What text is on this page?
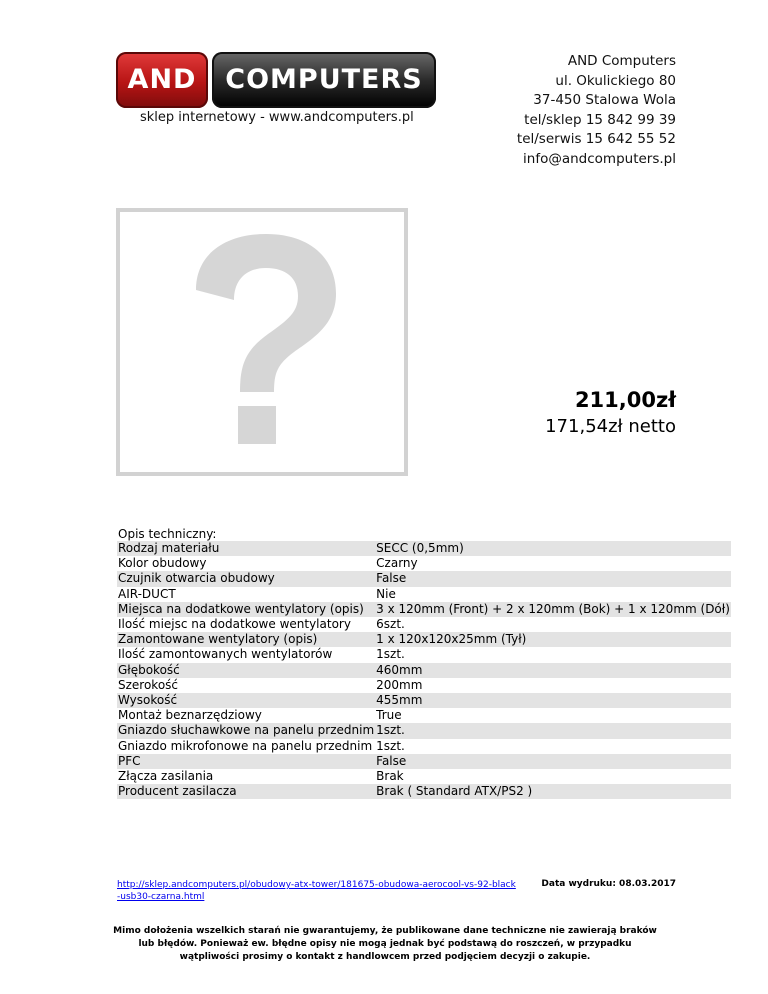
AND	COMPUTERS
sklep internetowy - www.andcomputers.pl
AND Computers
ul. Okulickiego 80
37-450 Stalowa Wola
tel/sklep 15 842 99 39
tel/serwis 15 642 55 52
info@andcomputers.pl
211,00zł
171,54zł netto
Opis techniczny:
Rodzaj materiału	SECC (0,5mm)
Kolor obudowy	Czarny
Czujnik otwarcia obudowy	False
AIR-DUCT	Nie
Miejsca na dodatkowe wentylatory (opis)	3 x 120mm (Front) + 2 x 120mm (Bok) + 1 x 120mm (Dół)
Ilość miejsc na dodatkowe wentylatory	6szt.
Zamontowane wentylatory (opis)	1 x 120x120x25mm (Tył)
Ilość zamontowanych wentylatorów	1szt.
Głębokość	460mm
Szerokość	200mm
Wysokość	455mm
Montaż beznarzędziowy	True
Gniazdo słuchawkowe na panelu przednim	1szt.
Gniazdo mikrofonowe na panelu przednim	1szt.
PFC	False
Złącza zasilania	Brak
Producent zasilacza	Brak ( Standard ATX/PS2 )
http://sklep.andcomputers.pl/obudowy-atx-tower/181675-obudowa-aerocool-vs-92-black-usb30-czarna.html
Data wydruku: 08.03.2017
Mimo dołożenia wszelkich starań nie gwarantujemy, że publikowane dane techniczne nie zawierają braków lub błędów. Ponieważ ew. błędne opisy nie mogą jednak być podstawą do roszczeń, w przypadku wątpliwości prosimy o kontakt z handlowcem przed podjęciem decyzji o zakupie.
